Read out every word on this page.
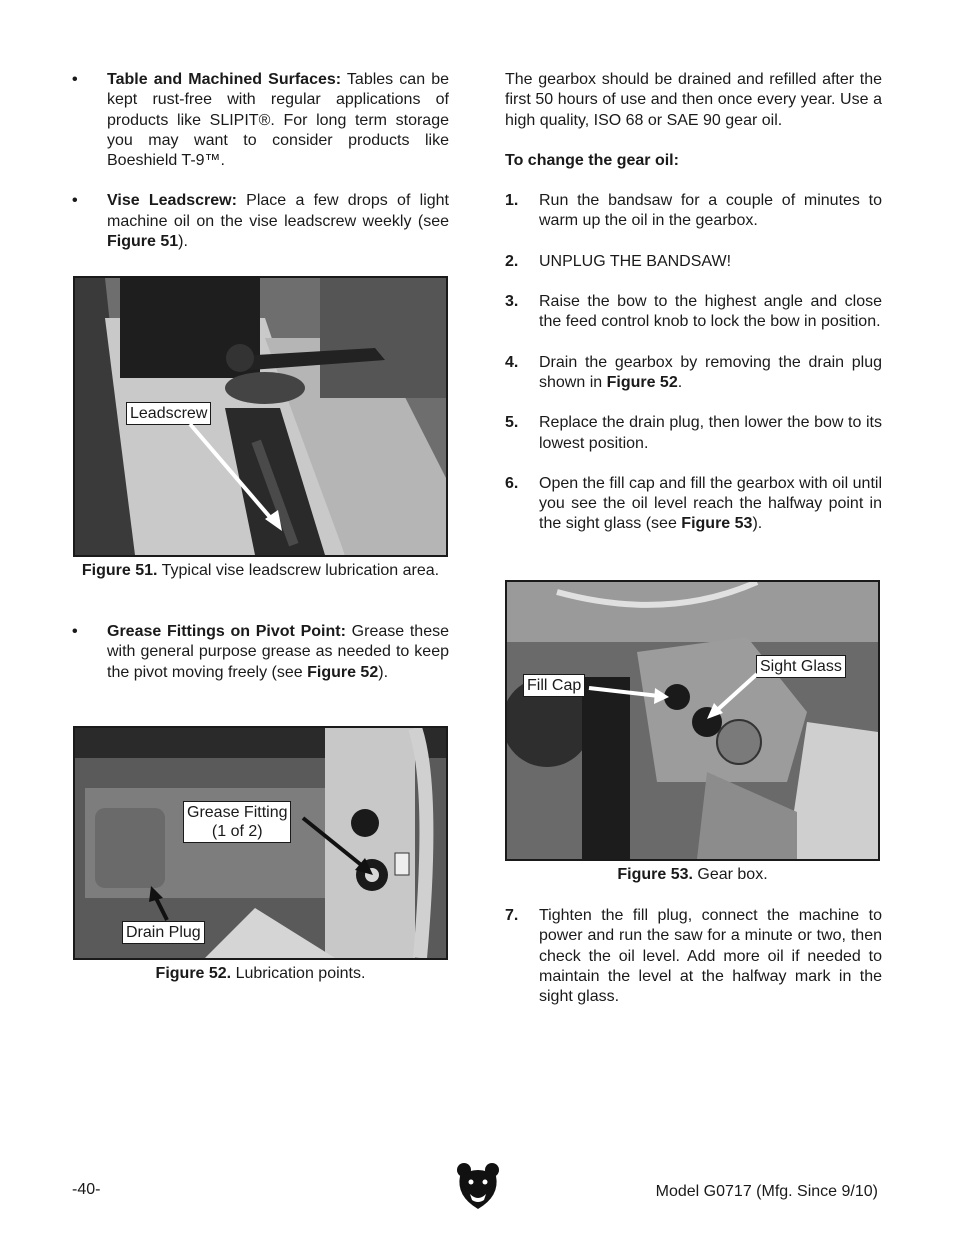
• Table and Machined Surfaces: Tables can be kept rust-free with regular applications of products like SLIPIT®. For long term storage you may want to consider products like Boeshield T-9™.
• Vise Leadscrew: Place a few drops of light machine oil on the vise leadscrew weekly (see Figure 51).
Leadscrew
Figure 51. Typical vise leadscrew lubrication area.
• Grease Fittings on Pivot Point: Grease these with general purpose grease as needed to keep the pivot moving freely (see Figure 52).
Grease Fitting
(1 of 2)
Drain Plug
Figure 52. Lubrication points.

The gearbox should be drained and refilled after the first 50 hours of use and then once every year. Use a high quality, ISO 68 or SAE 90 gear oil.

To change the gear oil:

1. Run the bandsaw for a couple of minutes to warm up the oil in the gearbox.
2. UNPLUG THE BANDSAW!
3. Raise the bow to the highest angle and close the feed control knob to lock the bow in position.
4. Drain the gearbox by removing the drain plug shown in Figure 52.
5. Replace the drain plug, then lower the bow to its lowest position.
6. Open the fill cap and fill the gearbox with oil until you see the oil level reach the halfway point in the sight glass (see Figure 53).
Fill Cap
Sight Glass
Figure 53. Gear box.
7. Tighten the fill plug, connect the machine to power and run the saw for a minute or two, then check the oil level. Add more oil if needed to maintain the level at the halfway mark in the sight glass.
-40-	Model G0717 (Mfg. Since 9/10)
